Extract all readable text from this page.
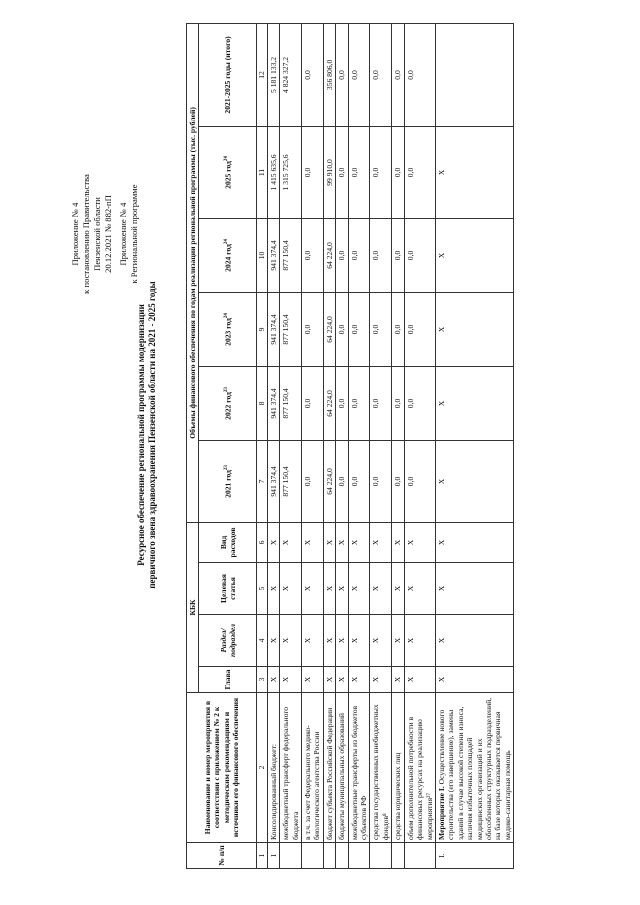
Приложение № 4 к постановлению Правительства Пензенской области 20.12.2021 № 882-пП Приложение № 4 к Региональной программе
Ресурсное обеспечение региональной программы модернизации первичного звена здравоохранения Пензенской области на 2021 - 2025 годы
№ п/п	Наименование и номер мероприятия в соответствии с приложением № 2 к методическим рекомендациям и источники его финансового обеспечения	КБК				Объемы финансового обеспечения по годам реализации региональной программы (тыс. рублей)					
		Глава	Раздел/ подраздел	Целевая статья	Вид расходов	2021 год$^{23}$	2022 год$^{23}$	2023 год$^{24}$	2024 год$^{24}$	2025 год$^{24}$	2021-2025 годы (итого)
1	2	3	4	5	6	7	8	9	10	11	12
1	Консолидированный бюджет:	X	X	X	X	941 374,4	941 374,4	941 374,4	941 374,4	1 415 635,6	5 181 133,2
	межбюджетный трансферт федерального бюджета	X	X	X	X	877 150,4	877 150,4	877 150,4	877 150,4	1 315 725,6	4 824 327,2
	в т.ч. за счет Федерального медико-биологического агентства России	X	X	X	X	0,0	0,0	0,0	0,0	0,0	0,0
	бюджет субъекта Российской Федерации	X	X	X	X	64 224,0	64 224,0	64 224,0	64 224,0	99 910,0	356 806,0
	бюджеты муниципальных образований	X	X	X	X	0,0	0,0	0,0	0,0	0,0	0,0
	межбюджетные трансферты из бюджетов субъектов РФ	X	X	X	X	0,0	0,0	0,0	0,0	0,0	0,0
	средства государственных внебюджетных фондов⁸	X	X	X	X	0,0	0,0	0,0	0,0	0,0	0,0
	средства юридических лиц	X	X	X	X	0,0	0,0	0,0	0,0	0,0	0,0
	объем дополнительной потребности в финансовых ресурсах на реализацию мероприятия²⁷	X	X	X	X	0,0	0,0	0,0	0,0	0,0	0,0
I.	Мероприятие I. Осуществление нового строительства (его завершение), замены зданий в случае высокой степени износа, наличия избыточных площадей медицинских организаций и их обособленных структурных подразделений, на базе которых оказывается первичная медико-санитарная помощь	X	X	X	X	X	X	X	X	X	
